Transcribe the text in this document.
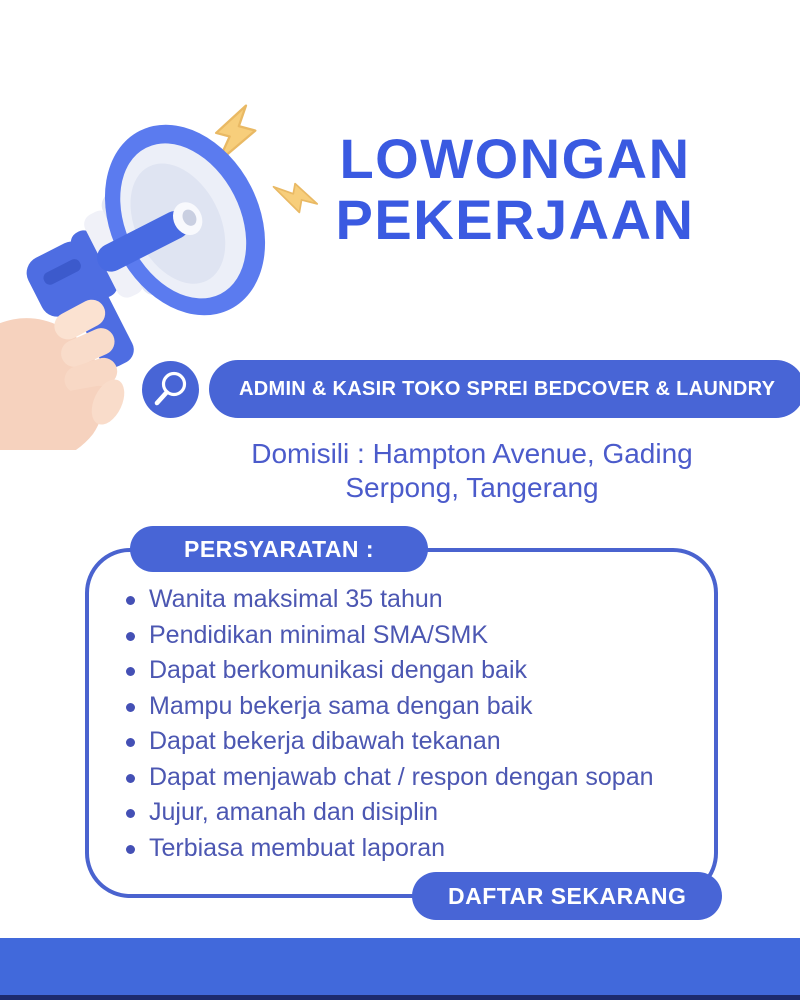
LOWONGAN
PEKERJAAN
ADMIN & KASIR TOKO SPREI BEDCOVER & LAUNDRY
Domisili : Hampton Avenue, Gading
Serpong, Tangerang
PERSYARATAN :
Wanita maksimal 35 tahun
Pendidikan minimal SMA/SMK
Dapat berkomunikasi dengan baik
Mampu bekerja sama dengan baik
Dapat bekerja dibawah tekanan
Dapat menjawab chat / respon dengan sopan
Jujur, amanah dan disiplin
Terbiasa membuat laporan
DAFTAR SEKARANG
